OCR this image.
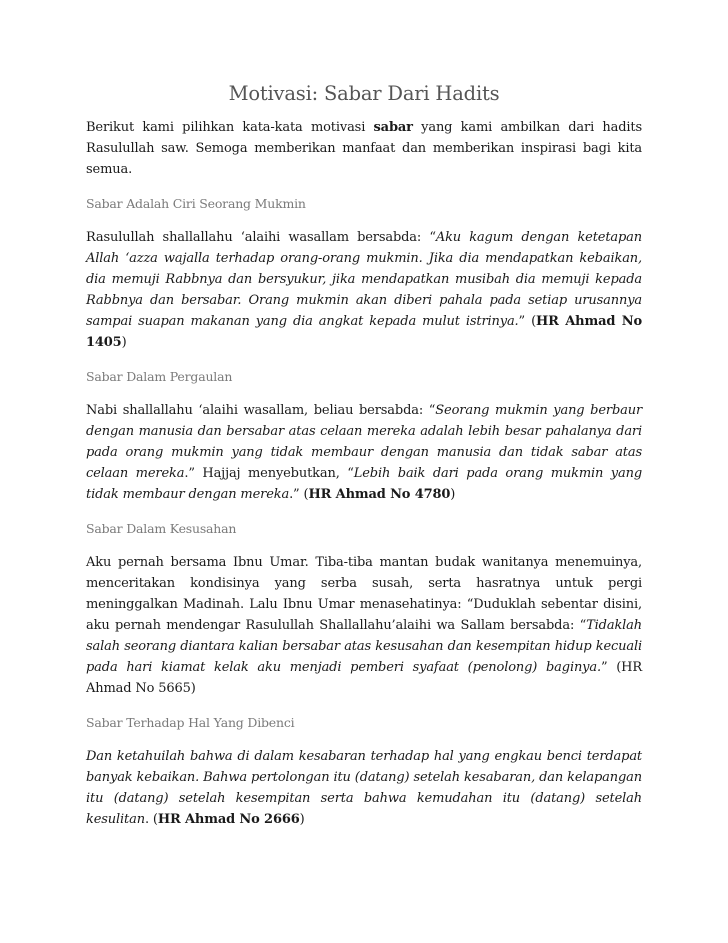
Motivasi: Sabar Dari Hadits

Berikut kami pilihkan kata-kata motivasi sabar yang kami ambilkan dari hadits Rasulullah saw. Semoga memberikan manfaat dan memberikan inspirasi bagi kita semua.

Sabar Adalah Ciri Seorang Mukmin

Rasulullah shallallahu ‘alaihi wasallam bersabda: “Aku kagum dengan ketetapan Allah ‘azza wajalla terhadap orang-orang mukmin. Jika dia mendapatkan kebaikan, dia memuji Rabbnya dan bersyukur, jika mendapatkan musibah dia memuji kepada Rabbnya dan bersabar. Orang mukmin akan diberi pahala pada setiap urusannya sampai suapan makanan yang dia angkat kepada mulut istrinya.” (HR Ahmad No 1405)

Sabar Dalam Pergaulan

Nabi shallallahu ‘alaihi wasallam, beliau bersabda: “Seorang mukmin yang berbaur dengan manusia dan bersabar atas celaan mereka adalah lebih besar pahalanya dari pada orang mukmin yang tidak membaur dengan manusia dan tidak sabar atas celaan mereka.” Hajjaj menyebutkan, “Lebih baik dari pada orang mukmin yang tidak membaur dengan mereka.” (HR Ahmad No 4780)

Sabar Dalam Kesusahan

Aku pernah bersama Ibnu Umar. Tiba-tiba mantan budak wanitanya menemuinya, menceritakan kondisinya yang serba susah, serta hasratnya untuk pergi meninggalkan Madinah. Lalu Ibnu Umar menasehatinya: “Duduklah sebentar disini, aku pernah mendengar Rasulullah Shallallahu’alaihi wa Sallam bersabda: “Tidaklah salah seorang diantara kalian bersabar atas kesusahan dan kesempitan hidup kecuali pada hari kiamat kelak aku menjadi pemberi syafaat (penolong) baginya.” (HR Ahmad No 5665)

Sabar Terhadap Hal Yang Dibenci

Dan ketahuilah bahwa di dalam kesabaran terhadap hal yang engkau benci terdapat banyak kebaikan. Bahwa pertolongan itu (datang) setelah kesabaran, dan kelapangan itu (datang) setelah kesempitan serta bahwa kemudahan itu (datang) setelah kesulitan. (HR Ahmad No 2666)
